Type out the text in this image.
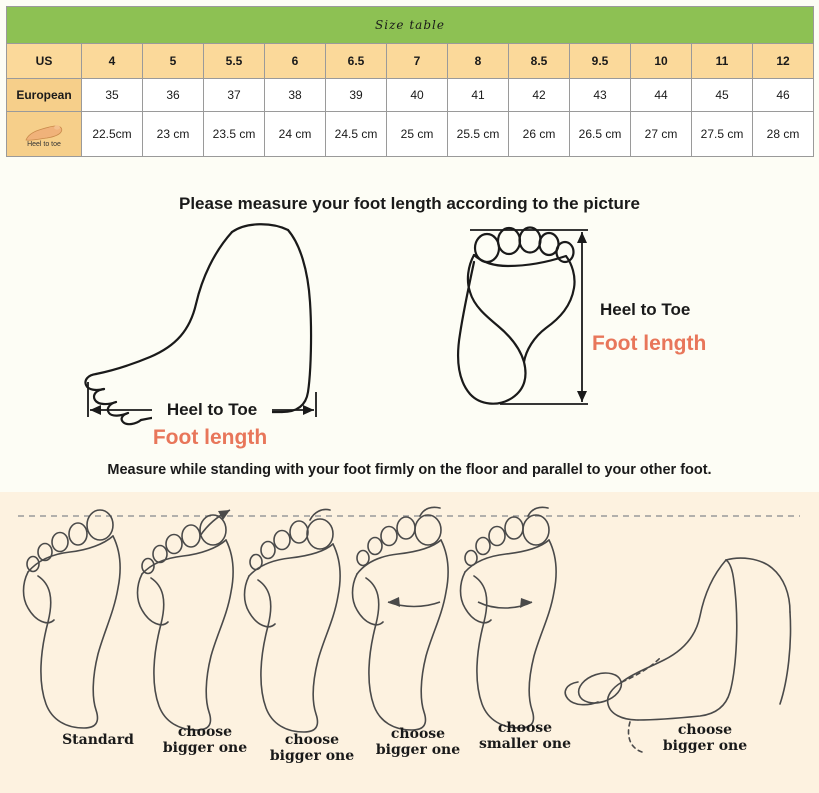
Size table												
US	4	5	5.5	6	6.5	7	8	8.5	9.5	10	11	12
European	35	36	37	38	39	40	41	42	43	44	45	46

Heel to toe	22.5cm	23 cm	23.5 cm	24 cm	24.5 cm	25 cm	25.5 cm	26 cm	26.5 cm	27 cm	27.5 cm	28 cm
Please measure your foot length according to the picture
Heel to Toe
Foot length
Heel to Toe
Foot length
Measure while standing with your foot firmly on the floor and parallel to your other foot.
Standard	choose
bigger one
choose
bigger one
choose
bigger one
choose
smaller one
choose
bigger one
